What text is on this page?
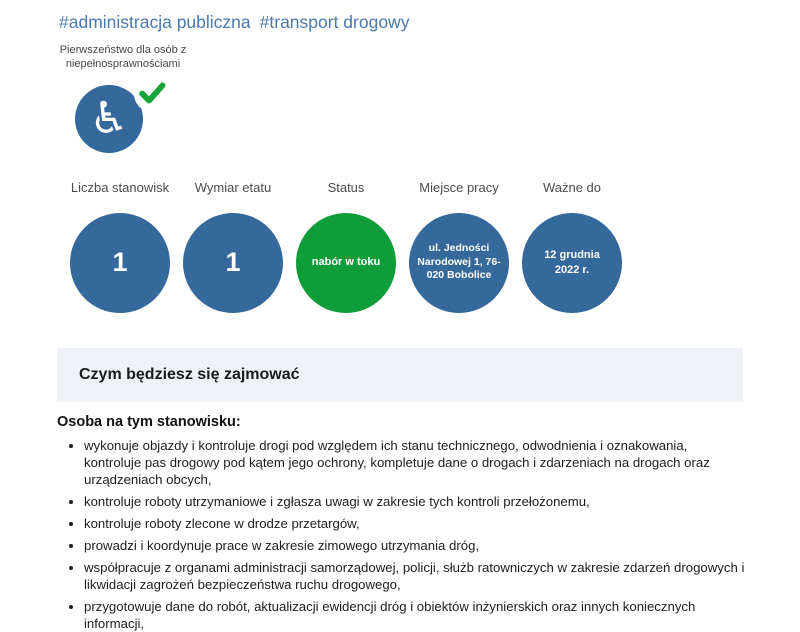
#administracja publiczna #transport drogowy
Pierwszeństwo dla osób z niepełnosprawnościami
♿
Liczba stanowisk
1
Wymiar etatu
1
Status
nabór w toku
Miejsce pracy
ul. Jedności Narodowej 1, 76-020 Bobolice
Ważne do
12 grudnia 2022 r.
Czym będziesz się zajmować
Osoba na tym stanowisku:
• wykonuje objazdy i kontroluje drogi pod względem ich stanu technicznego, odwodnienia i oznakowania, kontroluje pas drogowy pod kątem jego ochrony, kompletuje dane o drogach i zdarzeniach na drogach oraz urządzeniach obcych,
• kontroluje roboty utrzymaniowe i zgłasza uwagi w zakresie tych kontroli przełożonemu,
• kontroluje roboty zlecone w drodze przetargów,
• prowadzi i koordynuje prace w zakresie zimowego utrzymania dróg,
• współpracuje z organami administracji samorządowej, policji, służb ratowniczych w zakresie zdarzeń drogowych i likwidacji zagrożeń bezpieczeństwa ruchu drogowego,
• przygotowuje dane do robót, aktualizacji ewidencji dróg i obiektów inżynierskich oraz innych koniecznych informacji,
